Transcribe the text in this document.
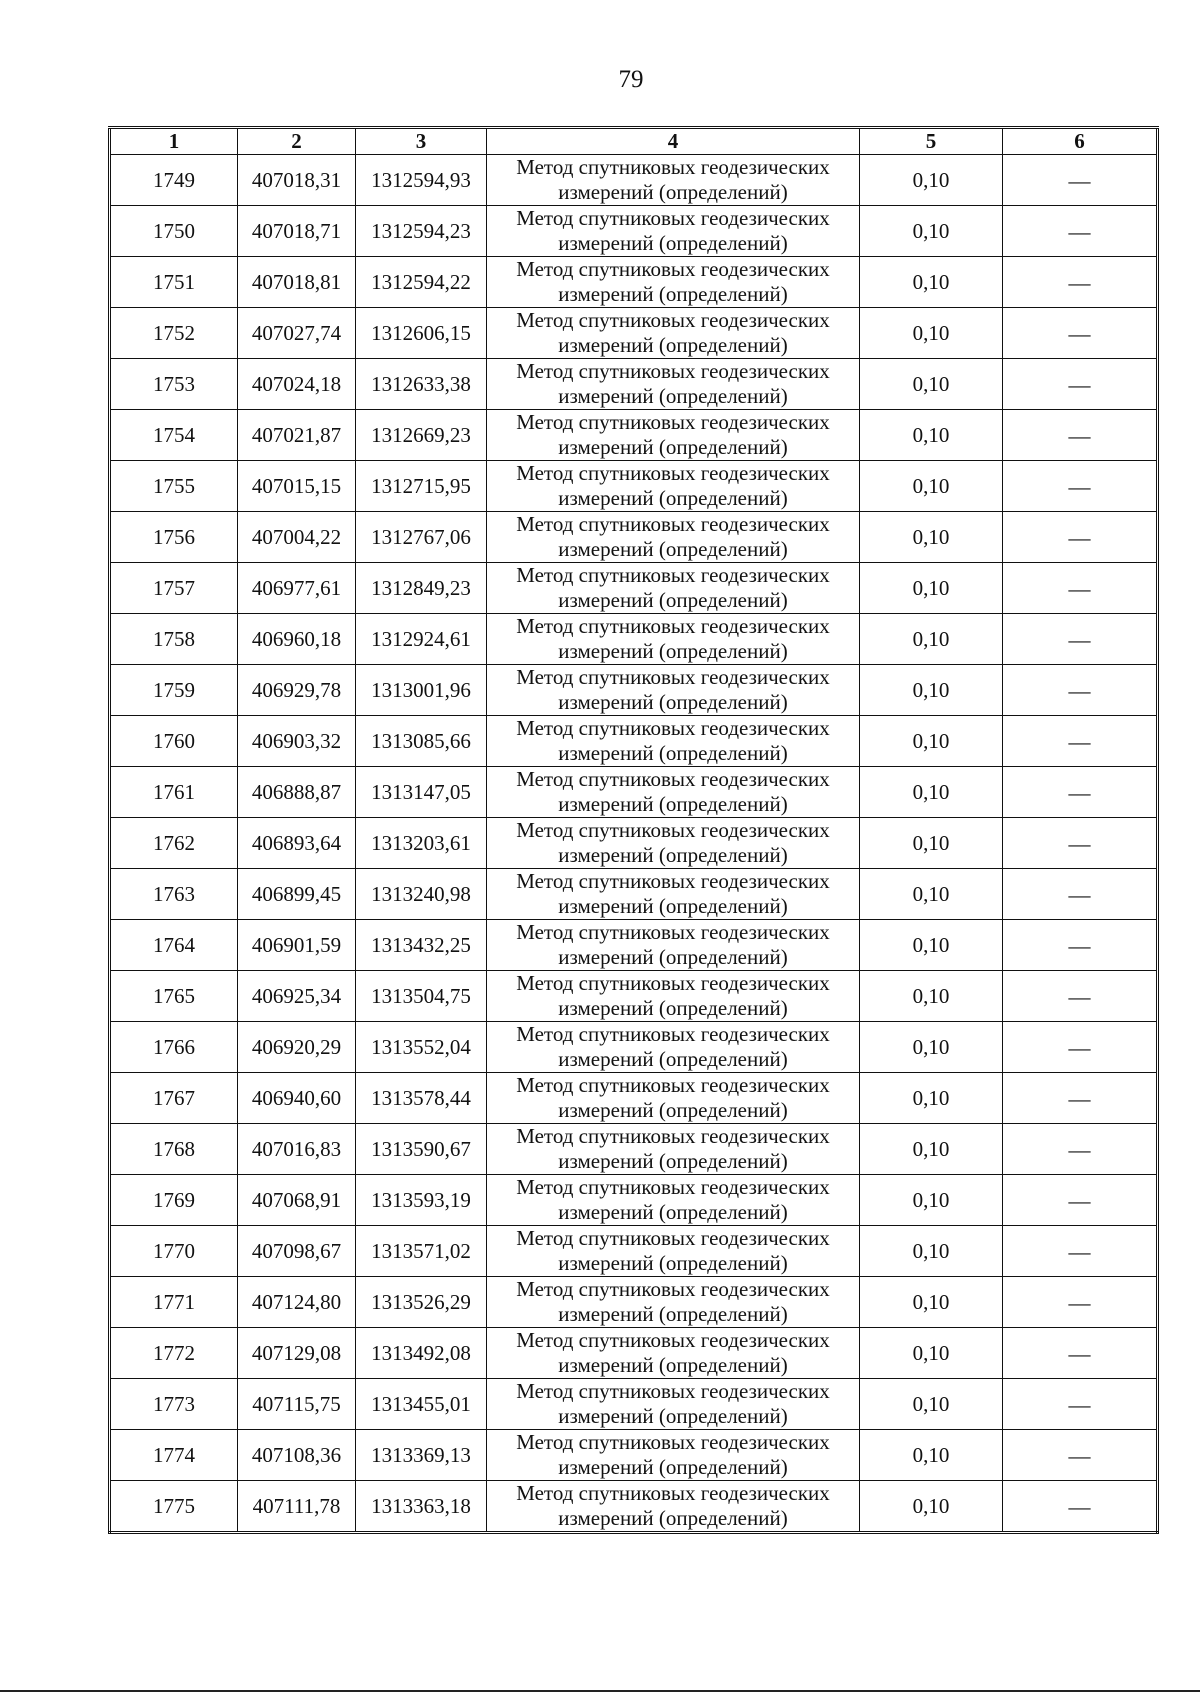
79
1	2	3	4	5	6
1749	407018,31	1312594,93	Метод спутниковых геодезических
измерений (определений)	0,10	—
1750	407018,71	1312594,23	Метод спутниковых геодезических
измерений (определений)	0,10	—
1751	407018,81	1312594,22	Метод спутниковых геодезических
измерений (определений)	0,10	—
1752	407027,74	1312606,15	Метод спутниковых геодезических
измерений (определений)	0,10	—
1753	407024,18	1312633,38	Метод спутниковых геодезических
измерений (определений)	0,10	—
1754	407021,87	1312669,23	Метод спутниковых геодезических
измерений (определений)	0,10	—
1755	407015,15	1312715,95	Метод спутниковых геодезических
измерений (определений)	0,10	—
1756	407004,22	1312767,06	Метод спутниковых геодезических
измерений (определений)	0,10	—
1757	406977,61	1312849,23	Метод спутниковых геодезических
измерений (определений)	0,10	—
1758	406960,18	1312924,61	Метод спутниковых геодезических
измерений (определений)	0,10	—
1759	406929,78	1313001,96	Метод спутниковых геодезических
измерений (определений)	0,10	—
1760	406903,32	1313085,66	Метод спутниковых геодезических
измерений (определений)	0,10	—
1761	406888,87	1313147,05	Метод спутниковых геодезических
измерений (определений)	0,10	—
1762	406893,64	1313203,61	Метод спутниковых геодезических
измерений (определений)	0,10	—
1763	406899,45	1313240,98	Метод спутниковых геодезических
измерений (определений)	0,10	—
1764	406901,59	1313432,25	Метод спутниковых геодезических
измерений (определений)	0,10	—
1765	406925,34	1313504,75	Метод спутниковых геодезических
измерений (определений)	0,10	—
1766	406920,29	1313552,04	Метод спутниковых геодезических
измерений (определений)	0,10	—
1767	406940,60	1313578,44	Метод спутниковых геодезических
измерений (определений)	0,10	—
1768	407016,83	1313590,67	Метод спутниковых геодезических
измерений (определений)	0,10	—
1769	407068,91	1313593,19	Метод спутниковых геодезических
измерений (определений)	0,10	—
1770	407098,67	1313571,02	Метод спутниковых геодезических
измерений (определений)	0,10	—
1771	407124,80	1313526,29	Метод спутниковых геодезических
измерений (определений)	0,10	—
1772	407129,08	1313492,08	Метод спутниковых геодезических
измерений (определений)	0,10	—
1773	407115,75	1313455,01	Метод спутниковых геодезических
измерений (определений)	0,10	—
1774	407108,36	1313369,13	Метод спутниковых геодезических
измерений (определений)	0,10	—
1775	407111,78	1313363,18	Метод спутниковых геодезических
измерений (определений)	0,10	—
